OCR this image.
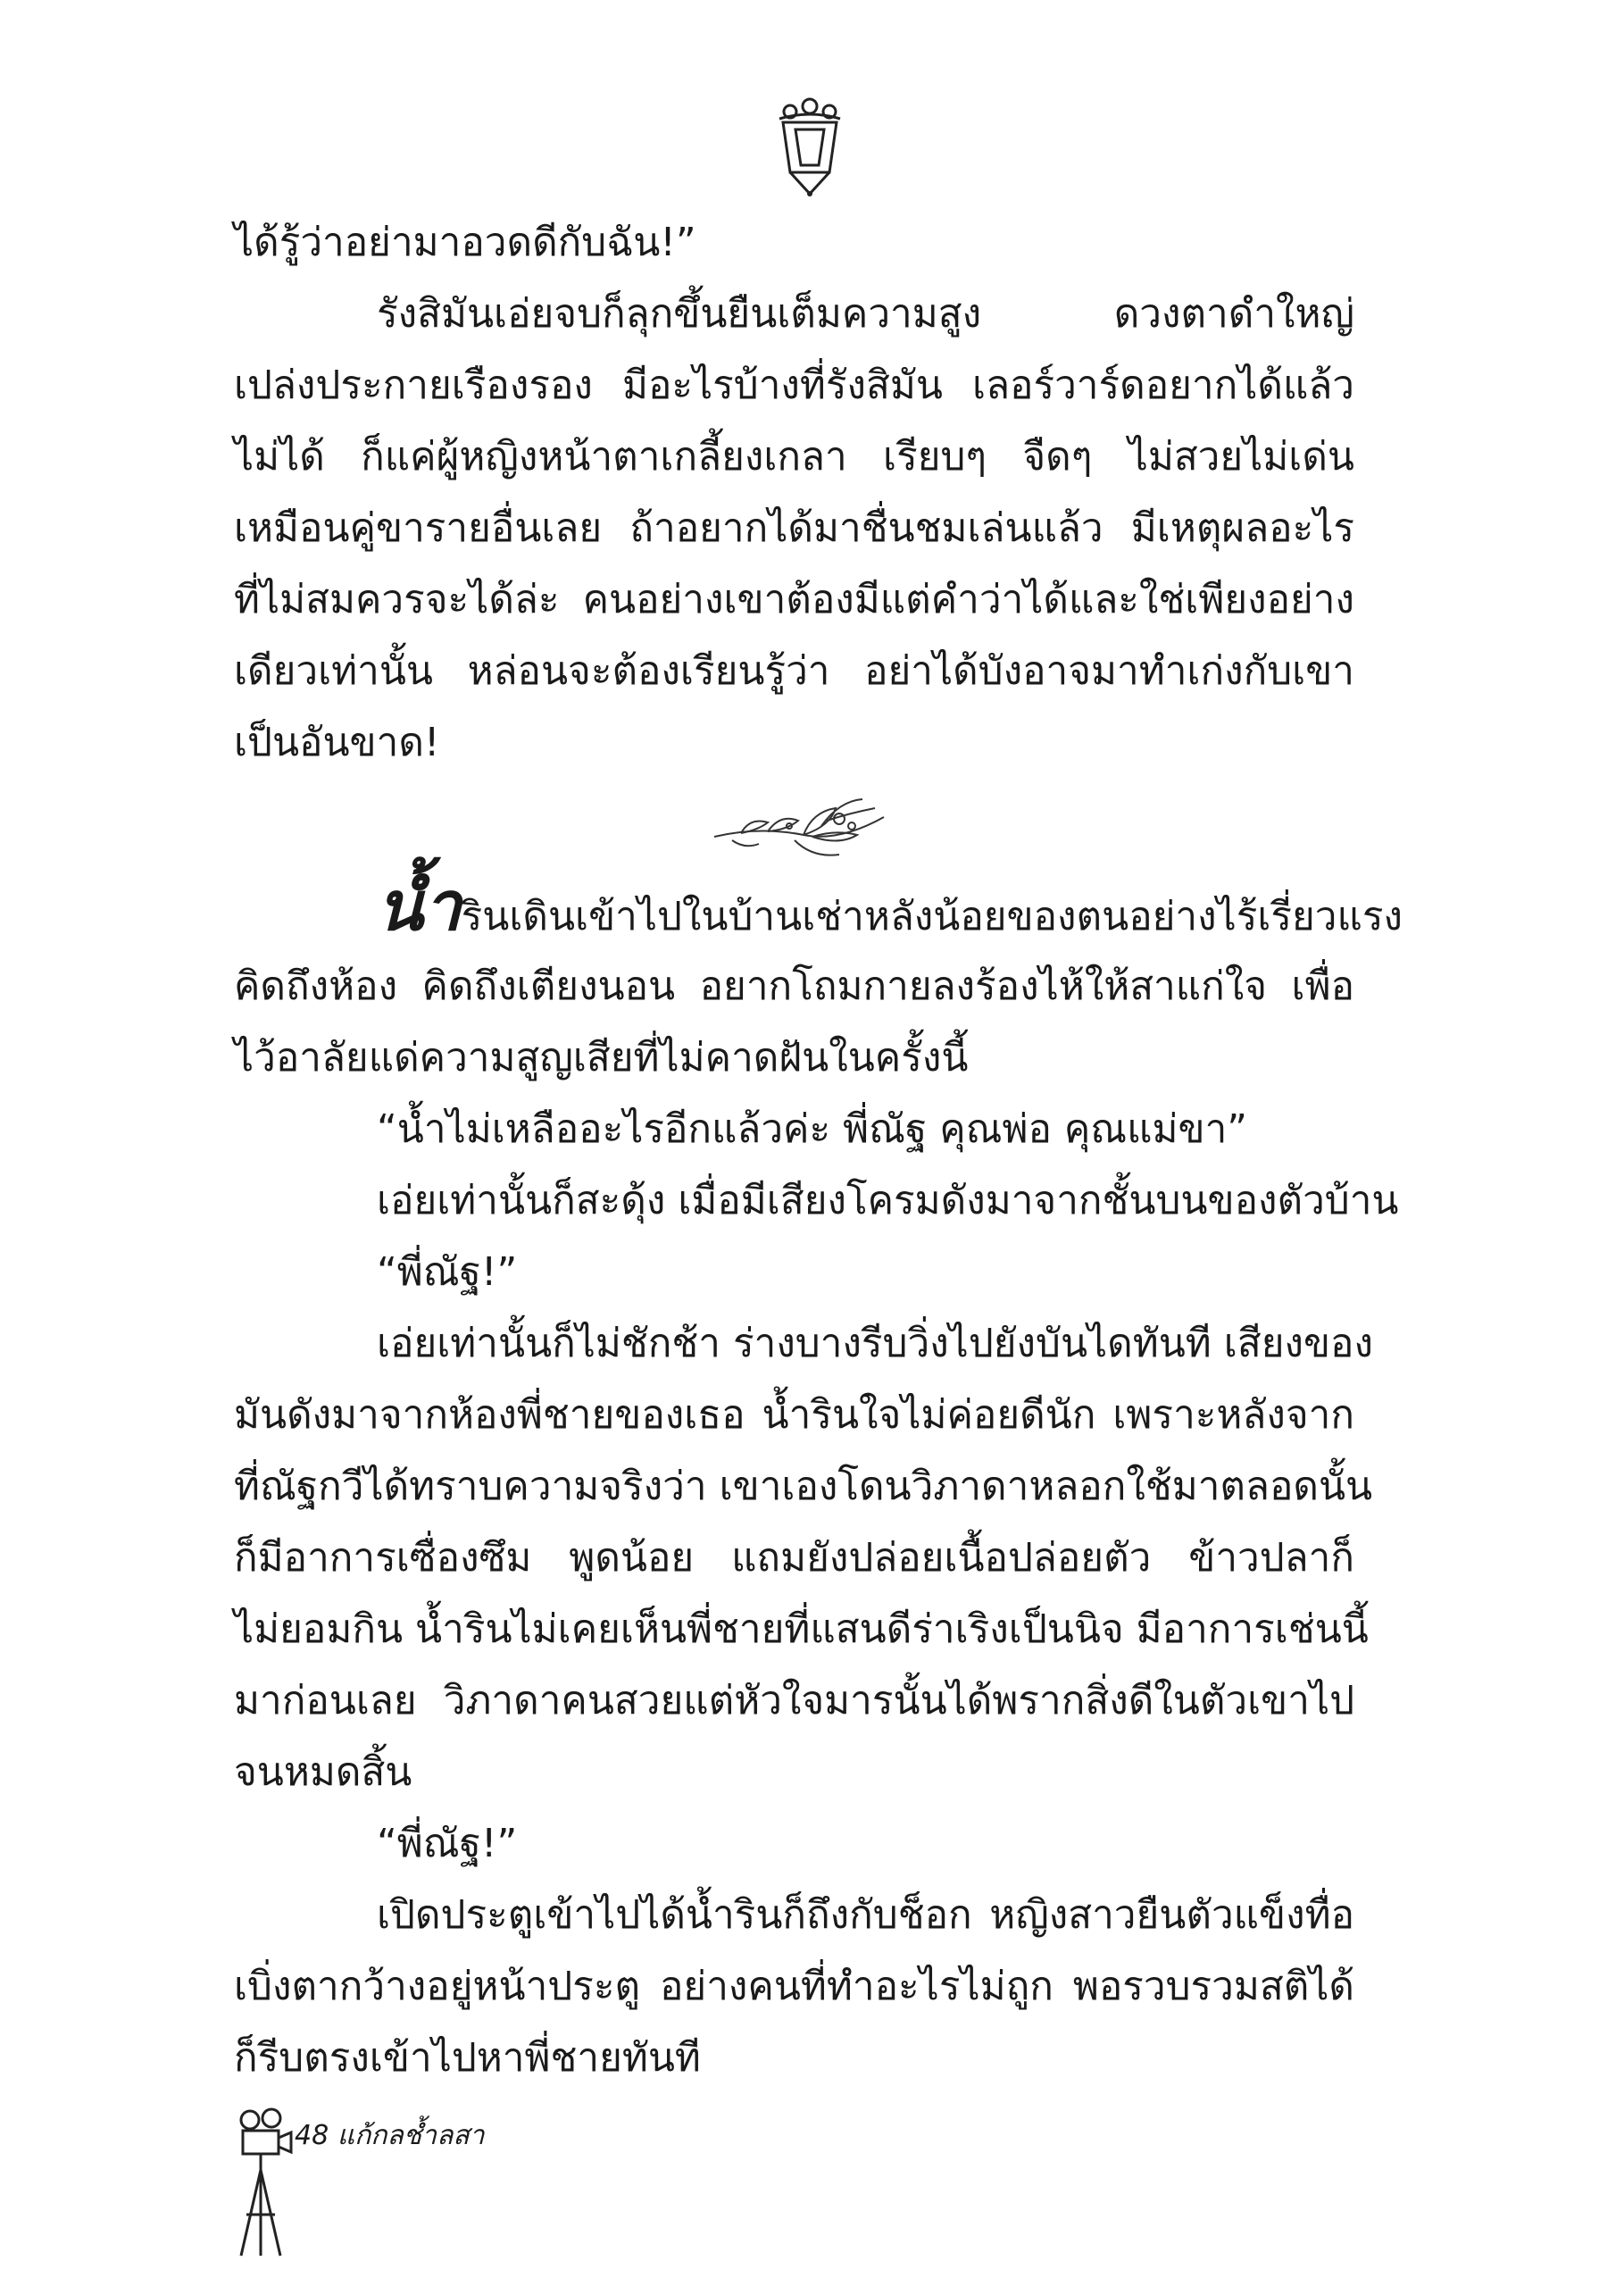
ได้รู้ว่าอย่ามาอวดดีกับฉัน!”
รังสิมันเอ่ยจบก็ลุกขึ้นยืนเต็มความสูง ดวงตาดำใหญ่
เปล่งประกายเรืองรอง มีอะไรบ้างที่รังสิมัน เลอร์วาร์ดอยากได้แล้ว
ไม่ได้ ก็แค่ผู้หญิงหน้าตาเกลี้ยงเกลา เรียบๆ จืดๆ ไม่สวยไม่เด่น
เหมือนคู่ขารายอื่นเลย ถ้าอยากได้มาชื่นชมเล่นแล้ว มีเหตุผลอะไร
ที่ไม่สมควรจะได้ล่ะ คนอย่างเขาต้องมีแต่คำว่าได้และใช่เพียงอย่าง
เดียวเท่านั้น หล่อนจะต้องเรียนรู้ว่า อย่าได้บังอาจมาทำเก่งกับเขา
เป็นอันขาด!
น้ำรินเดินเข้าไปในบ้านเช่าหลังน้อยของตนอย่างไร้เรี่ยวแรง
คิดถึงห้อง คิดถึงเตียงนอน อยากโถมกายลงร้องไห้ให้สาแก่ใจ เพื่อ
ไว้อาลัยแด่ความสูญเสียที่ไม่คาดฝันในครั้งนี้
“น้ำไม่เหลืออะไรอีกแล้วค่ะ พี่ณัฐ คุณพ่อ คุณแม่ขา”
เอ่ยเท่านั้นก็สะดุ้ง เมื่อมีเสียงโครมดังมาจากชั้นบนของตัวบ้าน
“พี่ณัฐ!”
เอ่ยเท่านั้นก็ไม่ชักช้า ร่างบางรีบวิ่งไปยังบันไดทันที เสียงของ
มันดังมาจากห้องพี่ชายของเธอ น้ำรินใจไม่ค่อยดีนัก เพราะหลังจาก
ที่ณัฐกวีได้ทราบความจริงว่า เขาเองโดนวิภาดาหลอกใช้มาตลอดนั้น
ก็มีอาการเซื่องซึม พูดน้อย แถมยังปล่อยเนื้อปล่อยตัว ข้าวปลาก็
ไม่ยอมกิน น้ำรินไม่เคยเห็นพี่ชายที่แสนดีร่าเริงเป็นนิจ มีอาการเช่นนี้
มาก่อนเลย วิภาดาคนสวยแต่หัวใจมารนั้นได้พรากสิ่งดีในตัวเขาไป
จนหมดสิ้น
“พี่ณัฐ!”
เปิดประตูเข้าไปได้น้ำรินก็ถึงกับช็อก หญิงสาวยืนตัวแข็งทื่อ
เบิ่งตากว้างอยู่หน้าประตู อย่างคนที่ทำอะไรไม่ถูก พอรวบรวมสติได้
ก็รีบตรงเข้าไปหาพี่ชายทันที
48 แก้กลช้ำลสา
